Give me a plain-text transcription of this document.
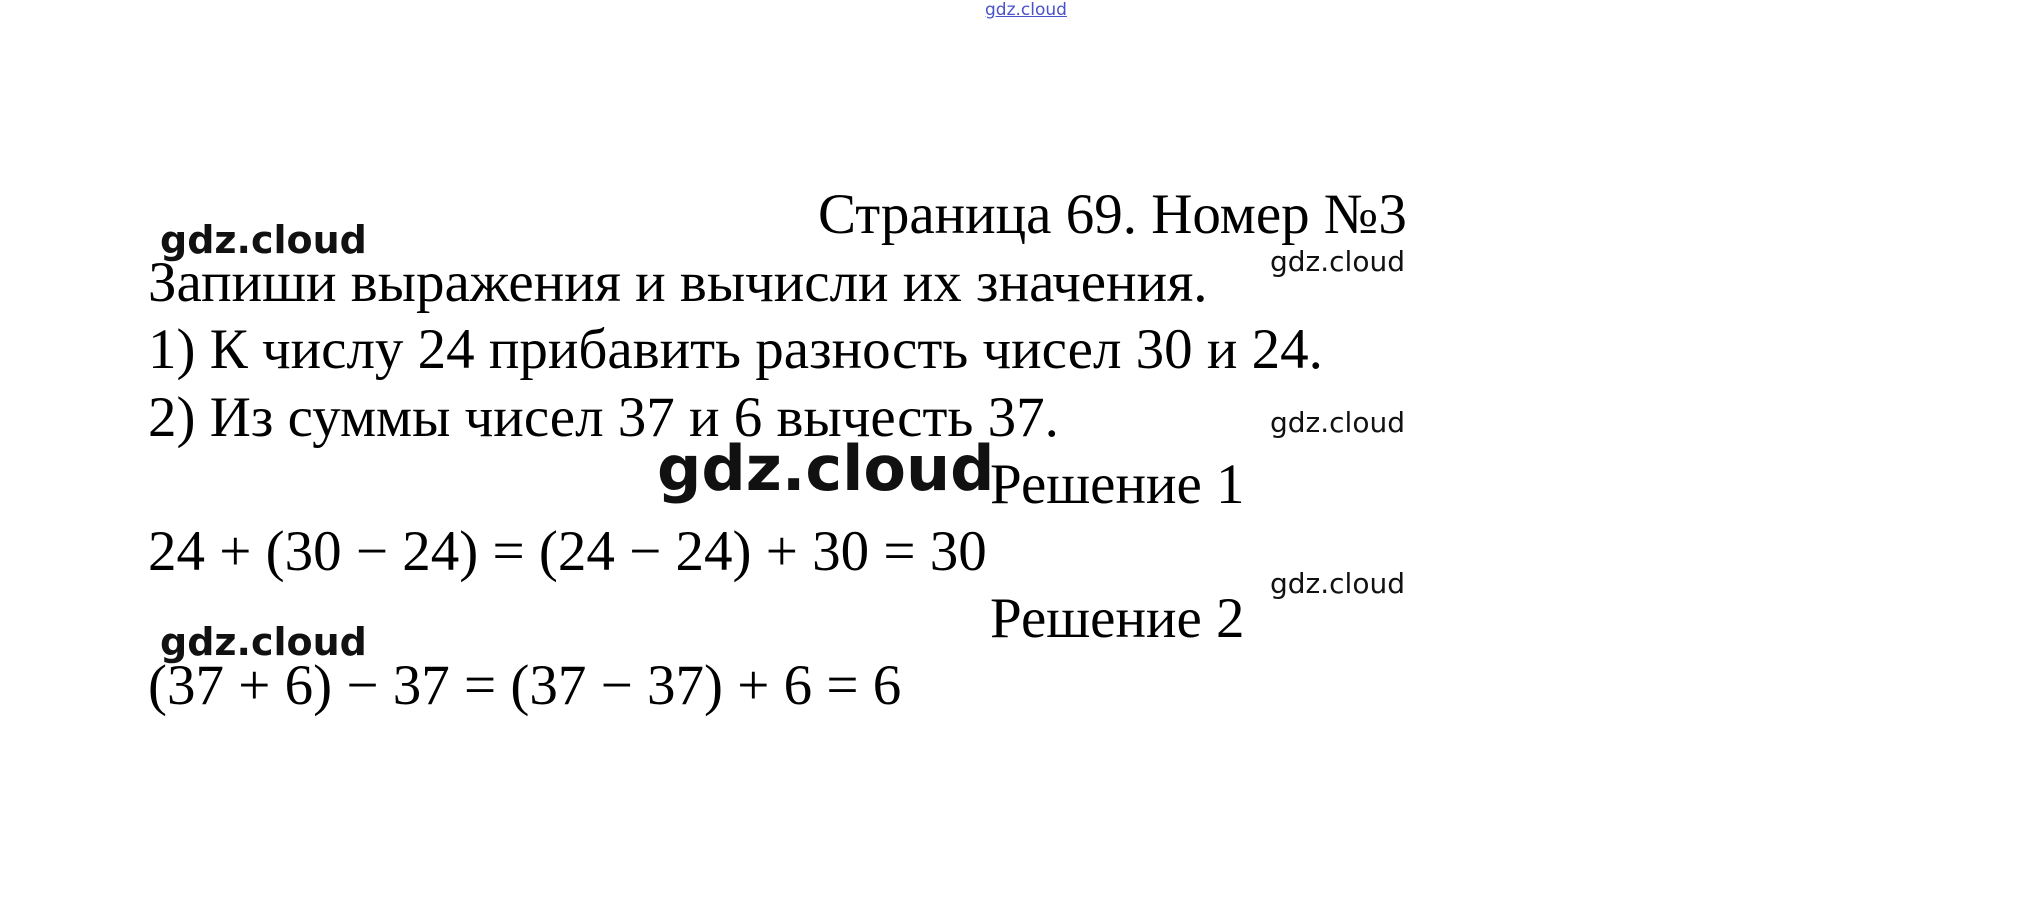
gdz.cloud
Страница 69. Номер №3
Запиши выражения и вычисли их значения.
1) К числу 24 прибавить разность чисел 30 и 24.
2) Из суммы чисел 37 и 6 вычесть 37.
Решение 1
24 + (30 − 24) = (24 − 24) + 30 = 30
Решение 2
(37 + 6) − 37 = (37 − 37) + 6 = 6
gdz.cloud	gdz.cloud
gdz.cloud
gdz.cloud
gdz.cloud
gdz.cloud
